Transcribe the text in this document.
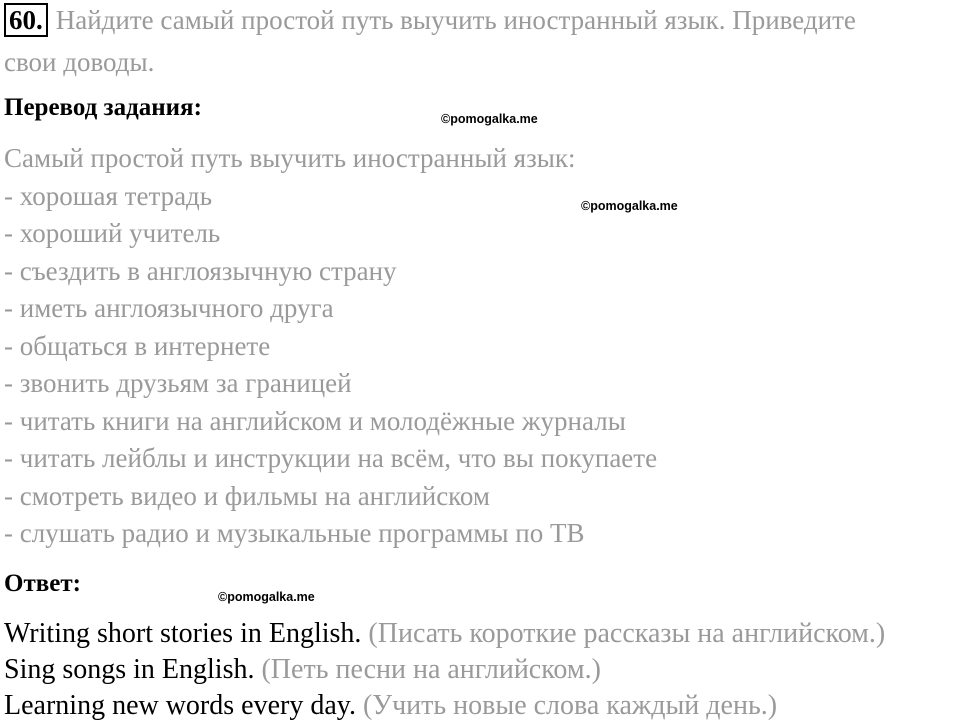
60. Найдите самый простой путь выучить иностранный язык. Приведите
свои доводы.
Перевод задания:	©pomogalka.me
©pomogalka.me
Самый простой путь выучить иностранный язык:
- хорошая тетрадь
- хороший учитель
- съездить в англоязычную страну
- иметь англоязычного друга
- общаться в интернете
- звонить друзьям за границей
- читать книги на английском и молодёжные журналы
- читать лейблы и инструкции на всём, что вы покупаете
- смотреть видео и фильмы на английском
- слушать радио и музыкальные программы по ТВ
Ответ:	©pomogalka.me
Writing short stories in English. (Писать короткие рассказы на английском.)
Sing songs in English. (Петь песни на английском.)
Learning new words every day. (Учить новые слова каждый день.)
